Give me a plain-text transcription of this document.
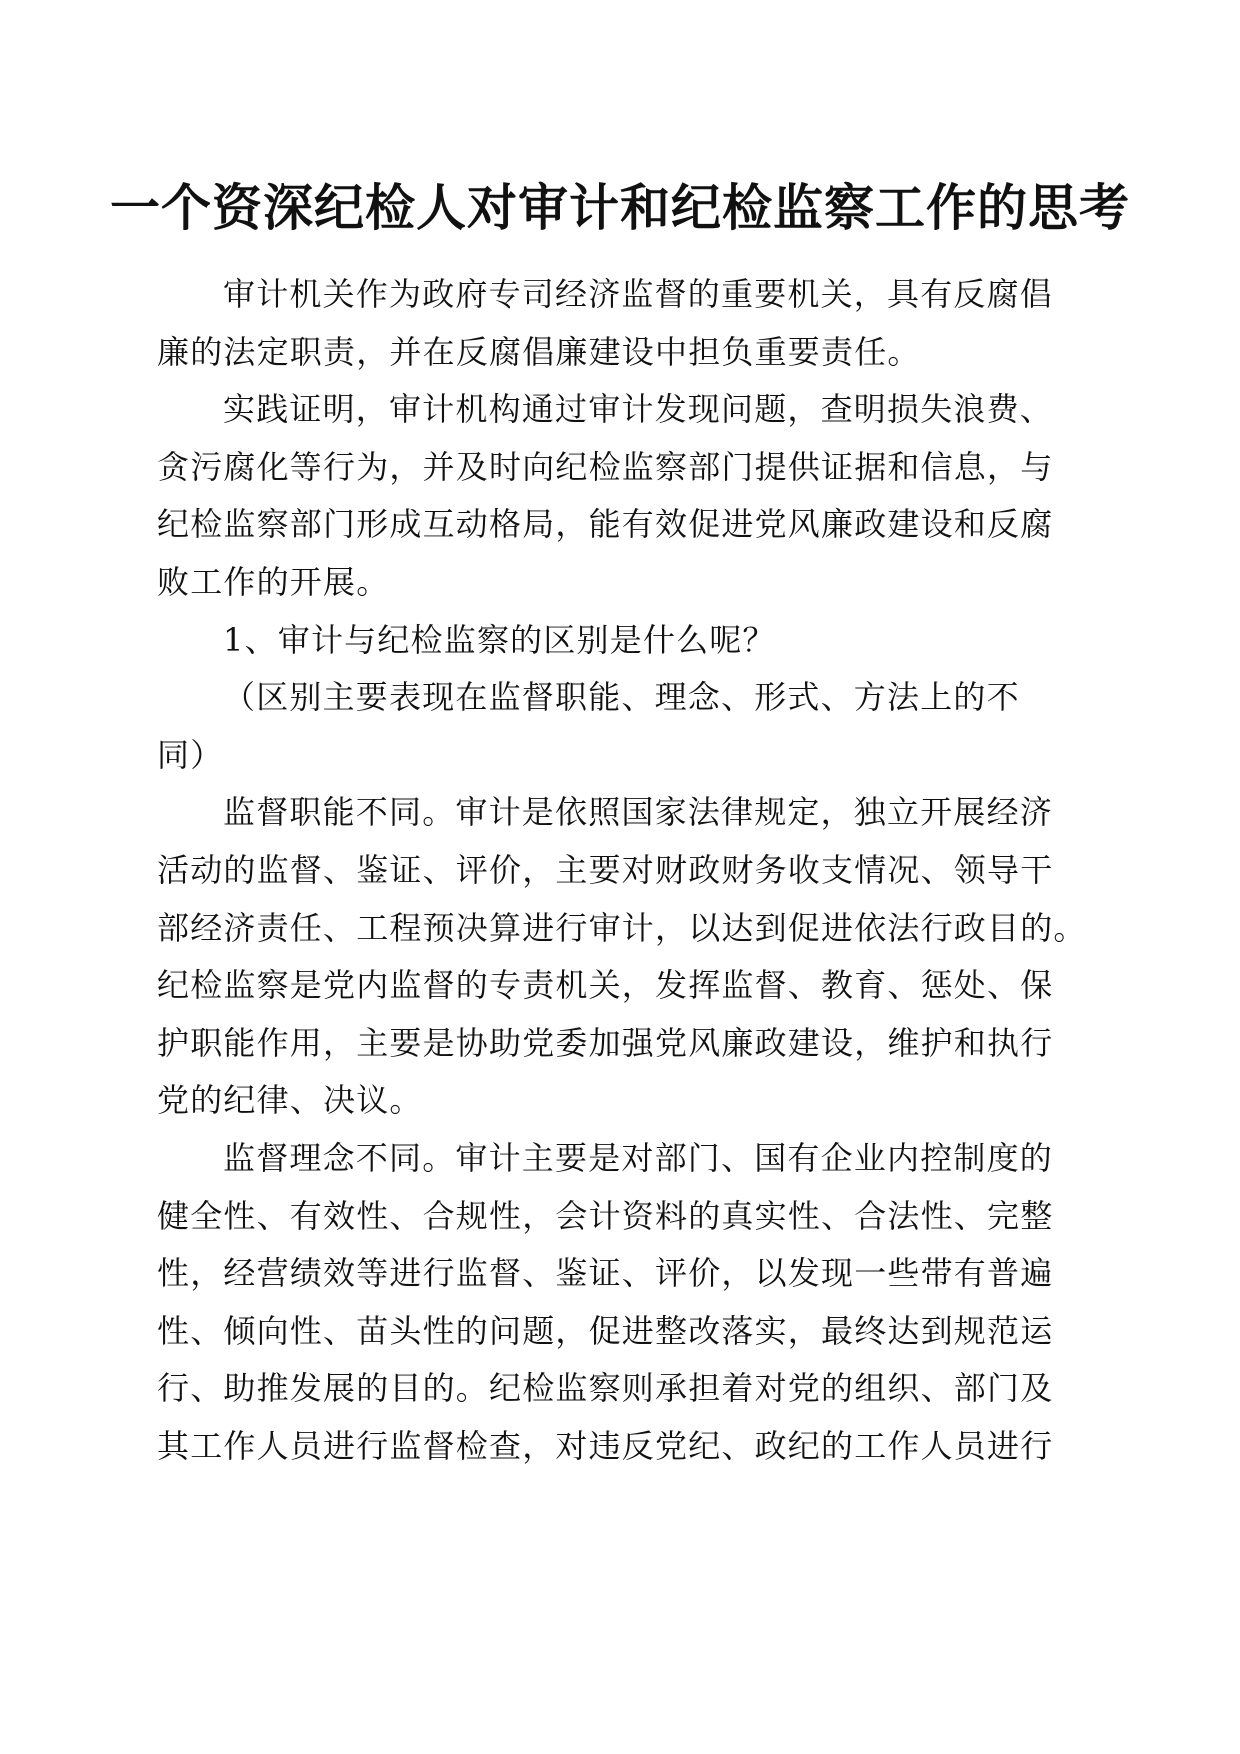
一个资深纪检人对审计和纪检监察工作的思考
审计机关作为政府专司经济监督的重要机关，具有反腐倡
廉的法定职责，并在反腐倡廉建设中担负重要责任。
实践证明，审计机构通过审计发现问题，查明损失浪费、
贪污腐化等行为，并及时向纪检监察部门提供证据和信息，与
纪检监察部门形成互动格局，能有效促进党风廉政建设和反腐
败工作的开展。
1、审计与纪检监察的区别是什么呢？
（区别主要表现在监督职能、理念、形式、方法上的不
同）
监督职能不同。审计是依照国家法律规定，独立开展经济
活动的监督、鉴证、评价，主要对财政财务收支情况、领导干
部经济责任、工程预决算进行审计，以达到促进依法行政目的。
纪检监察是党内监督的专责机关，发挥监督、教育、惩处、保
护职能作用，主要是协助党委加强党风廉政建设，维护和执行
党的纪律、决议。
监督理念不同。审计主要是对部门、国有企业内控制度的
健全性、有效性、合规性，会计资料的真实性、合法性、完整
性，经营绩效等进行监督、鉴证、评价，以发现一些带有普遍
性、倾向性、苗头性的问题，促进整改落实，最终达到规范运
行、助推发展的目的。纪检监察则承担着对党的组织、部门及
其工作人员进行监督检查，对违反党纪、政纪的工作人员进行
